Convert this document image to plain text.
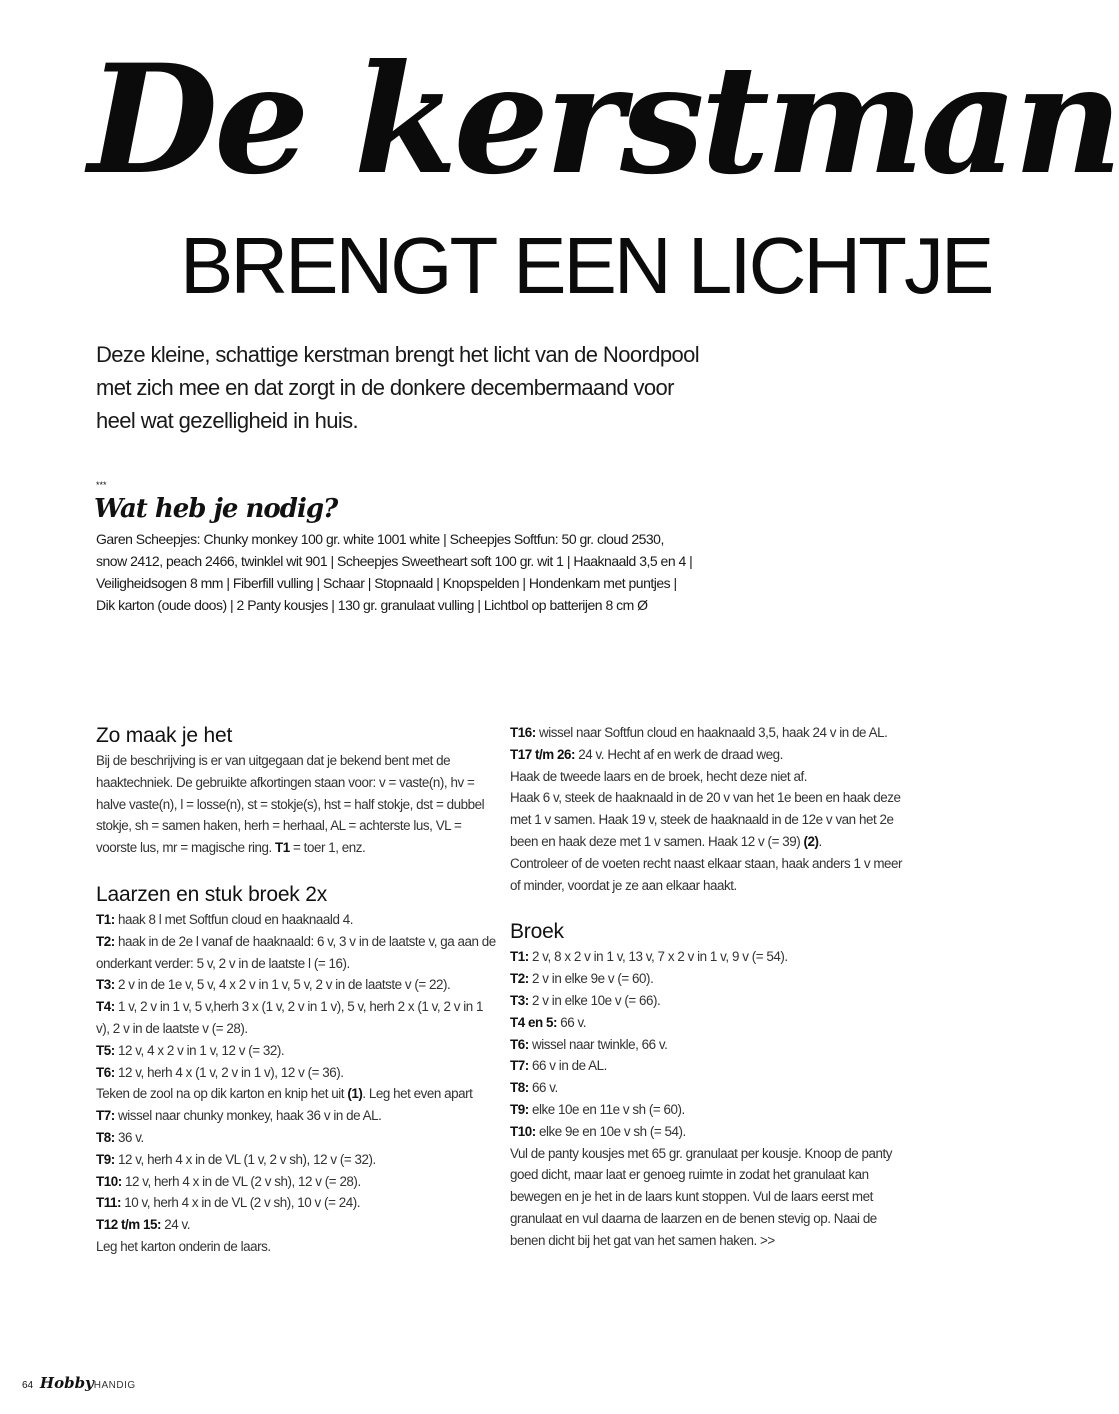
De kerstman
BRENGT EEN LICHTJE
Deze kleine, schattige kerstman brengt het licht van de Noordpool met zich mee en dat zorgt in de donkere decembermaand voor heel wat gezelligheid in huis.
***
Wat heb je nodig?
Garen Scheepjes: Chunky monkey 100 gr. white 1001 white | Scheepjes Softfun: 50 gr. cloud 2530, snow 2412, peach 2466, twinklel wit 901 | Scheepjes Sweetheart soft 100 gr. wit 1 | Haaknaald 3,5 en 4 | Veiligheidsogen 8 mm | Fiberfill vulling | Schaar | Stopnaald | Knopspelden | Hondenkam met puntjes | Dik karton (oude doos) | 2 Panty kousjes | 130 gr. granulaat vulling | Lichtbol op batterijen 8 cm Ø
Zo maak je het

Bij de beschrijving is er van uitgegaan dat je bekend bent met de haaktechniek. De gebruikte afkortingen staan voor: v = vaste(n), hv = halve vaste(n), l = losse(n), st = stokje(s), hst = half stokje, dst = dubbel stokje, sh = samen haken, herh = herhaal, AL = achterste lus, VL = voorste lus, mr = magische ring. T1 = toer 1, enz.

Laarzen en stuk broek 2x

T1: haak 8 l met Softfun cloud en haaknaald 4.

T2: haak in de 2e l vanaf de haaknaald: 6 v, 3 v in de laatste v, ga aan de onderkant verder: 5 v, 2 v in de laatste l (= 16).

T3: 2 v in de 1e v, 5 v, 4 x 2 v in 1 v, 5 v, 2 v in de laatste v (= 22).

T4: 1 v, 2 v in 1 v, 5 v,herh 3 x (1 v, 2 v in 1 v), 5 v, herh 2 x (1 v, 2 v in 1 v), 2 v in de laatste v (= 28).

T5: 12 v, 4 x 2 v in 1 v, 12 v (= 32).

T6: 12 v, herh 4 x (1 v, 2 v in 1 v), 12 v (= 36).

Teken de zool na op dik karton en knip het uit (1). Leg het even apart

T7: wissel naar chunky monkey, haak 36 v in de AL.

T8: 36 v.

T9: 12 v, herh 4 x in de VL (1 v, 2 v sh), 12 v (= 32).

T10: 12 v, herh 4 x in de VL (2 v sh), 12 v (= 28).

T11: 10 v, herh 4 x in de VL (2 v sh), 10 v (= 24).

T12 t/m 15: 24 v.

Leg het karton onderin de laars.

T16: wissel naar Softfun cloud en haaknaald 3,5, haak 24 v in de AL.

T17 t/m 26: 24 v. Hecht af en werk de draad weg.

Haak de tweede laars en de broek, hecht deze niet af.

Haak 6 v, steek de haaknaald in de 20 v van het 1e been en haak deze met 1 v samen. Haak 19 v, steek de haaknaald in de 12e v van het 2e been en haak deze met 1 v samen. Haak 12 v (= 39) (2).

Controleer of de voeten recht naast elkaar staan, haak anders 1 v meer of minder, voordat je ze aan elkaar haakt.

Broek

T1: 2 v, 8 x 2 v in 1 v, 13 v, 7 x 2 v in 1 v, 9 v (= 54).

T2: 2 v in elke 9e v (= 60).

T3: 2 v in elke 10e v (= 66).

T4 en 5: 66 v.

T6: wissel naar twinkle, 66 v.

T7: 66 v in de AL.

T8: 66 v.

T9: elke 10e en 11e v sh (= 60).

T10: elke 9e en 10e v sh (= 54).

Vul de panty kousjes met 65 gr. granulaat per kousje. Knoop de panty goed dicht, maar laat er genoeg ruimte in zodat het granulaat kan bewegen en je het in de laars kunt stoppen. Vul de laars eerst met granulaat en vul daarna de laarzen en de benen stevig op. Naai de benen dicht bij het gat van het samen haken. >>

64 HobbyHANDIG
